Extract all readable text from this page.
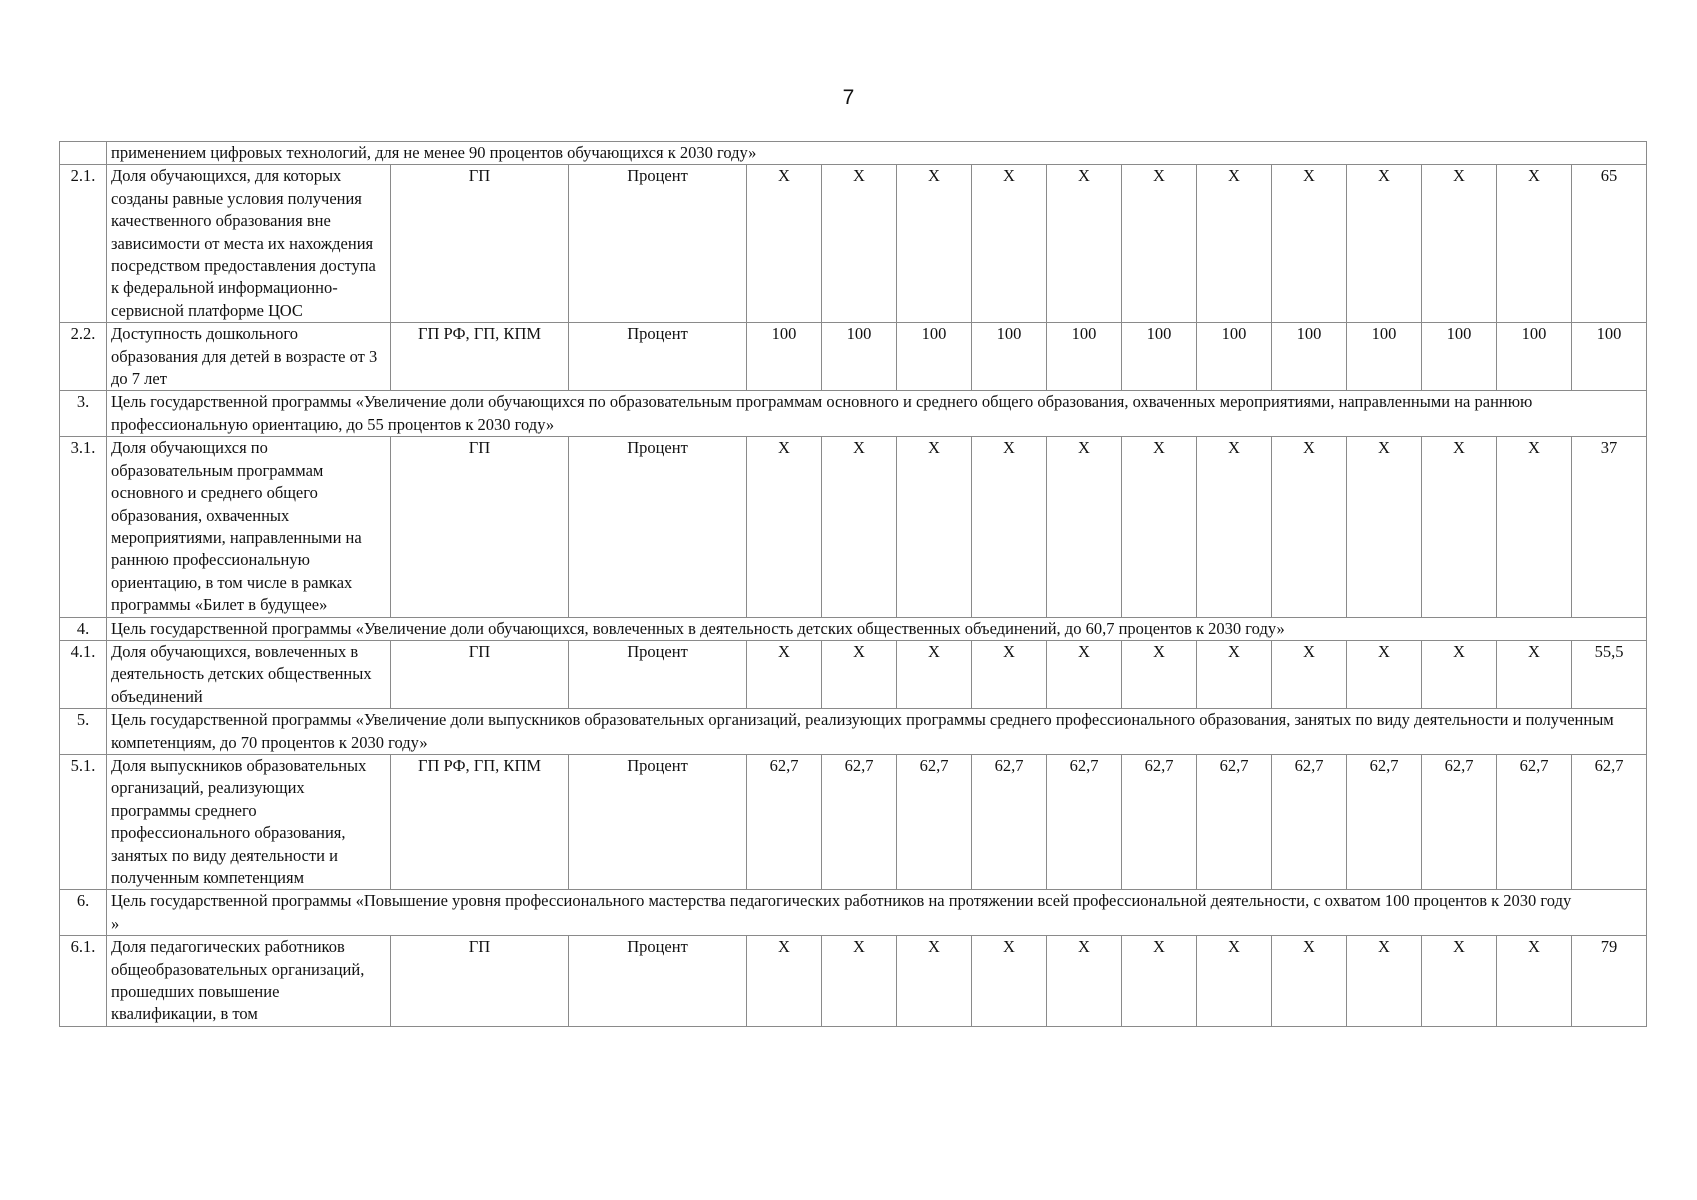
7
	применением цифровых технологий, для не менее 90 процентов обучающихся к 2030 году»														
2.1.	Доля обучающихся, для которых созданы равные условия получения качественного образования вне зависимости от места их нахождения посредством предоставления доступа к федеральной информационно-сервисной платформе ЦОС	ГП	Процент	X	X	X	X	X	X	X	X	X	X	X	65
2.2.	Доступность дошкольного образования для детей в возрасте от 3 до 7 лет	ГП РФ, ГП, КПМ	Процент	100	100	100	100	100	100	100	100	100	100	100	100
3.	Цель государственной программы «Увеличение доли обучающихся по образовательным программам основного и среднего общего образования, охваченных мероприятиями, направленными на раннюю профессиональную ориентацию, до 55 процентов к 2030 году»														
3.1.	Доля обучающихся по образовательным программам основного и среднего общего образования, охваченных мероприятиями, направленными на раннюю профессиональную ориентацию, в том числе в рамках программы «Билет в будущее»	ГП	Процент	X	X	X	X	X	X	X	X	X	X	X	37
4.	Цель государственной программы «Увеличение доли обучающихся, вовлеченных в деятельность детских общественных объединений, до 60,7 процентов к 2030 году»														
4.1.	Доля обучающихся, вовлеченных в деятельность детских общественных объединений	ГП	Процент	X	X	X	X	X	X	X	X	X	X	X	55,5
5.	Цель государственной программы «Увеличение доли выпускников образовательных организаций, реализующих программы среднего профессионального образования, занятых по виду деятельности и полученным компетенциям, до 70 процентов к 2030 году»														
5.1.	Доля выпускников образовательных организаций, реализующих программы среднего профессионального образования, занятых по виду деятельности и полученным компетенциям	ГП РФ, ГП, КПМ	Процент	62,7	62,7	62,7	62,7	62,7	62,7	62,7	62,7	62,7	62,7	62,7	62,7
6.	Цель государственной программы «Повышение уровня профессионального мастерства педагогических работников на протяжении всей профессиональной деятельности, с охватом 100 процентов к 2030 году
»														
6.1.	Доля педагогических работников общеобразовательных организаций, прошедших повышение квалификации, в том	ГП	Процент	X	X	X	X	X	X	X	X	X	X	X	79
